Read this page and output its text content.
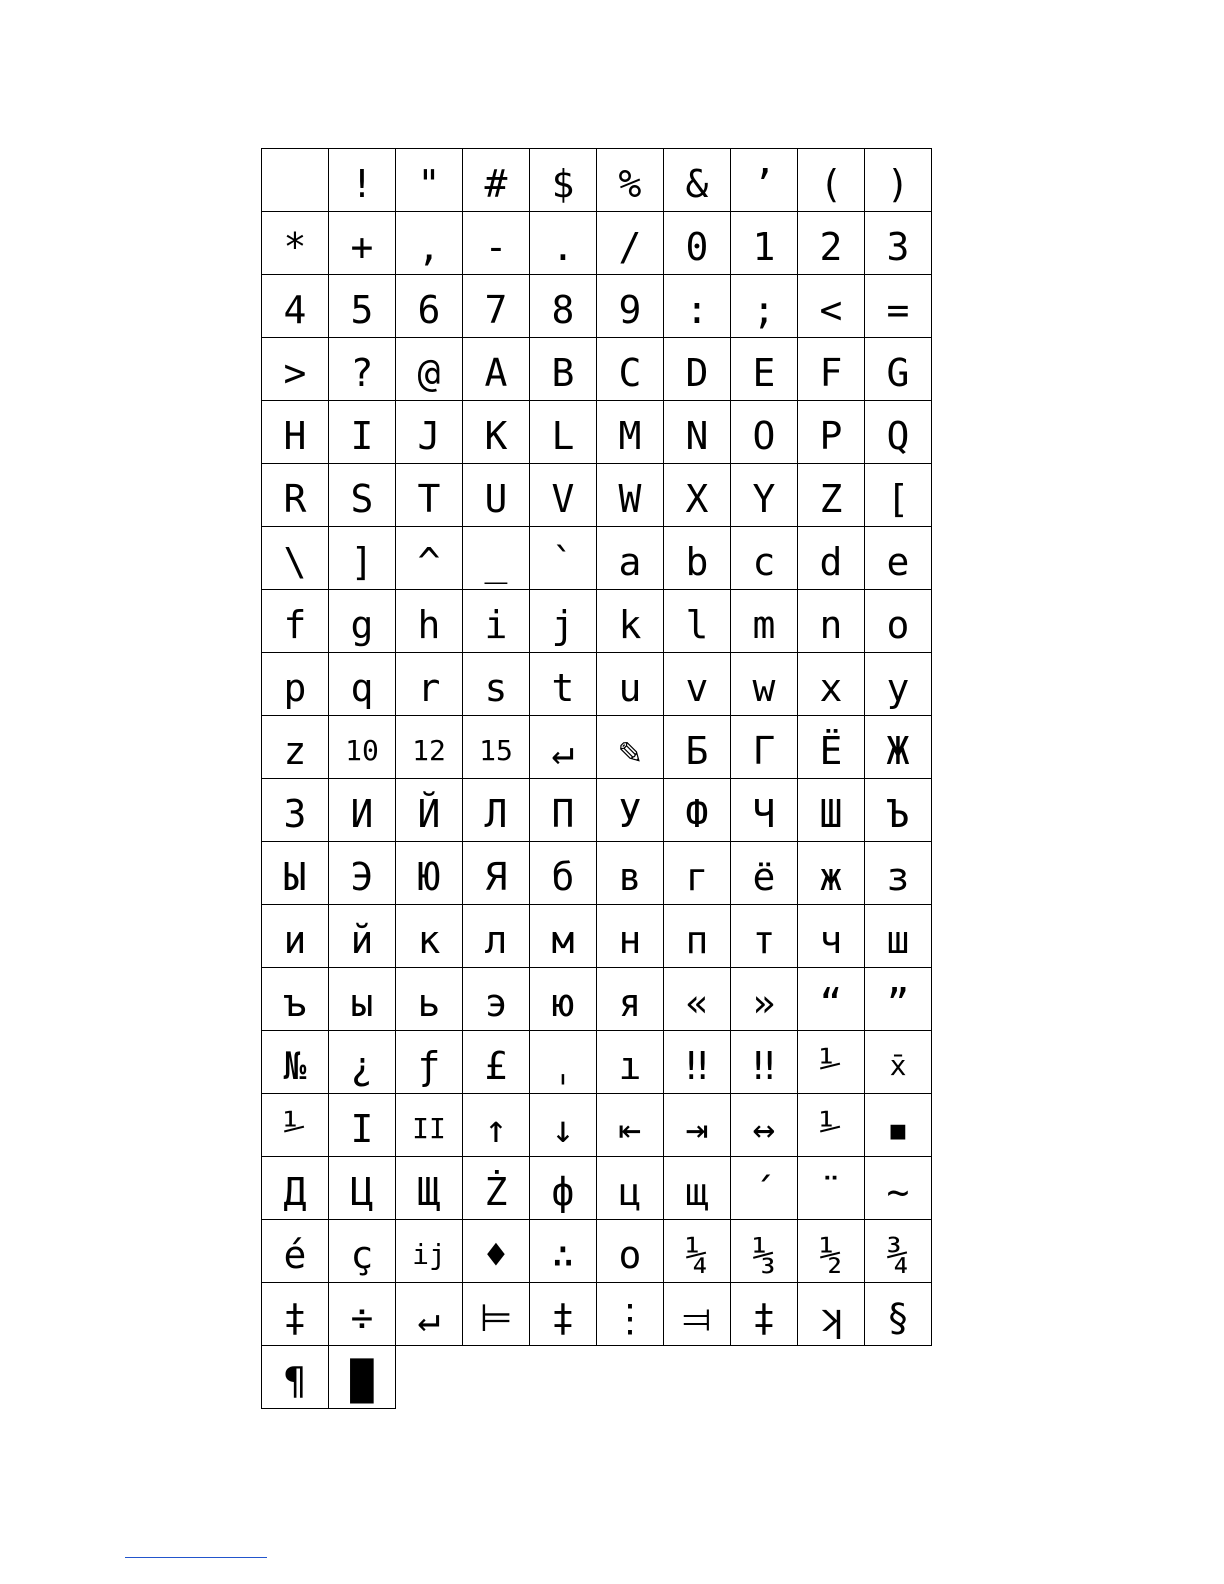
	!	"	#	$	%	&	’	(	)
*	+	,	-	.	/	0	1	2	3
4	5	6	7	8	9	:	;	<	=
>	?	@	A	B	C	D	E	F	G
H	I	J	K	L	M	N	O	P	Q
R	S	T	U	V	W	X	Y	Z	[
\	]	^	_	`	a	b	c	d	e
f	g	h	i	j	k	l	m	n	o
p	q	r	s	t	u	v	w	x	y
z	10	12	15	↵	✎	Б	Г	Ё	Ж
З	И	Й	Л	П	У	Ф	Ч	Ш	Ъ
Ы	Э	Ю	Я	б	в	г	ё	ж	з
и	й	к	л	м	н	п	т	ч	ш
ъ	ы	ь	э	ю	я	«	»	“	”
№	¿	ƒ	£	ˌ	ı	‼	‼	⅟	x̄
⅟	I	II	↑	↓	⇤	⇥	↔	⅟	▪
Д	Ц	Щ	Ż	ф	ц	щ	´	¨	~
é	ç	ij	♦	∴	o	¼	⅓	½	¾
‡	÷	↵	⊨	‡	⋮	⫤	‡	ʞ	§
¶	█								
